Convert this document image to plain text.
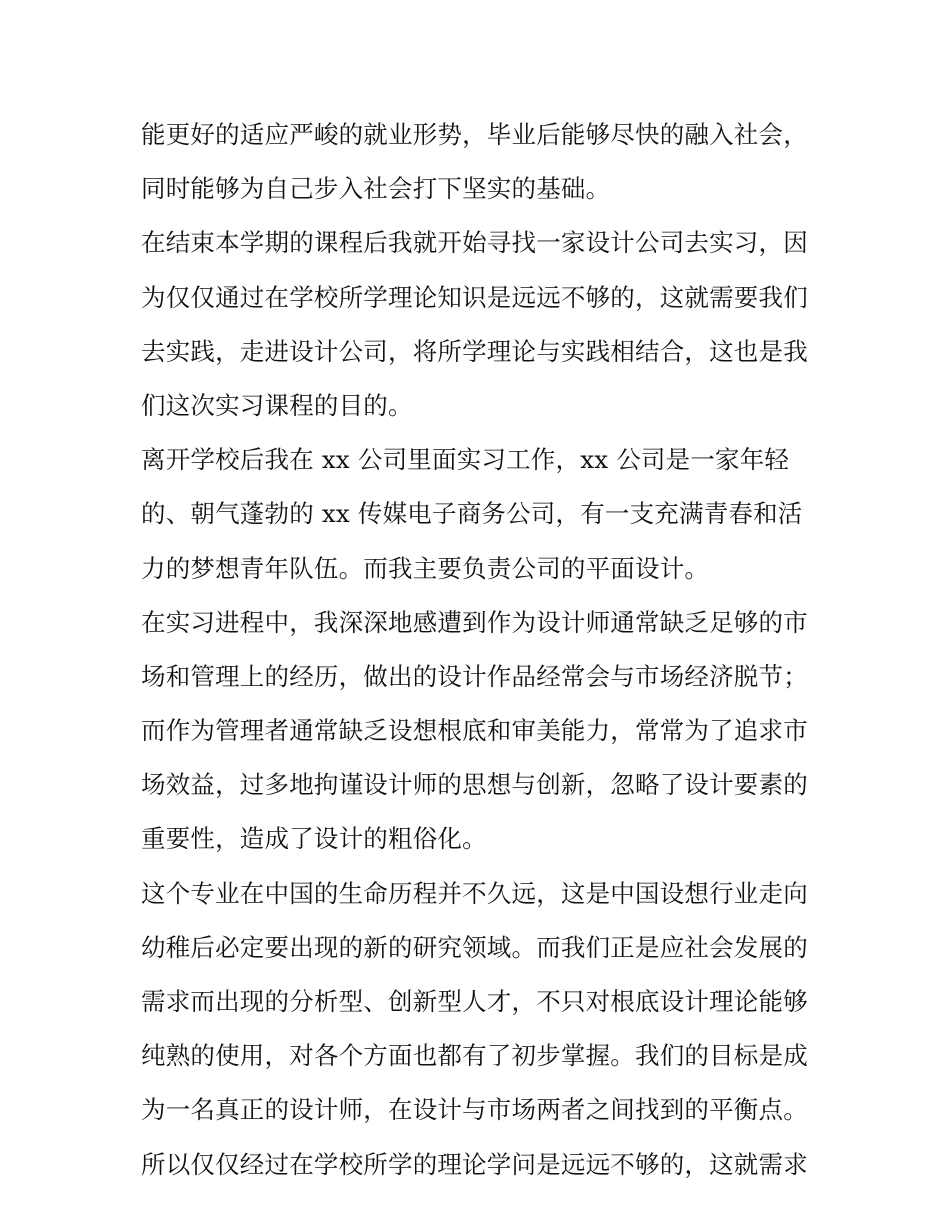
能更好的适应严峻的就业形势，毕业后能够尽快的融入社会，
同时能够为自己步入社会打下坚实的基础。
在结束本学期的课程后我就开始寻找一家设计公司去实习，因
为仅仅通过在学校所学理论知识是远远不够的，这就需要我们
去实践，走进设计公司，将所学理论与实践相结合，这也是我
们这次实习课程的目的。
离开学校后我在 xx 公司里面实习工作，xx 公司是一家年轻
的、朝气蓬勃的 xx 传媒电子商务公司，有一支充满青春和活
力的梦想青年队伍。而我主要负责公司的平面设计。
在实习进程中，我深深地感遭到作为设计师通常缺乏足够的市
场和管理上的经历，做出的设计作品经常会与市场经济脱节；
而作为管理者通常缺乏设想根底和审美能力，常常为了追求市
场效益，过多地拘谨设计师的思想与创新，忽略了设计要素的
重要性，造成了设计的粗俗化。
这个专业在中国的生命历程并不久远，这是中国设想行业走向
幼稚后必定要出现的新的研究领域。而我们正是应社会发展的
需求而出现的分析型、创新型人才，不只对根底设计理论能够
纯熟的使用，对各个方面也都有了初步掌握。我们的目标是成
为一名真正的设计师，在设计与市场两者之间找到的平衡点。
所以仅仅经过在学校所学的理论学问是远远不够的，这就需求
